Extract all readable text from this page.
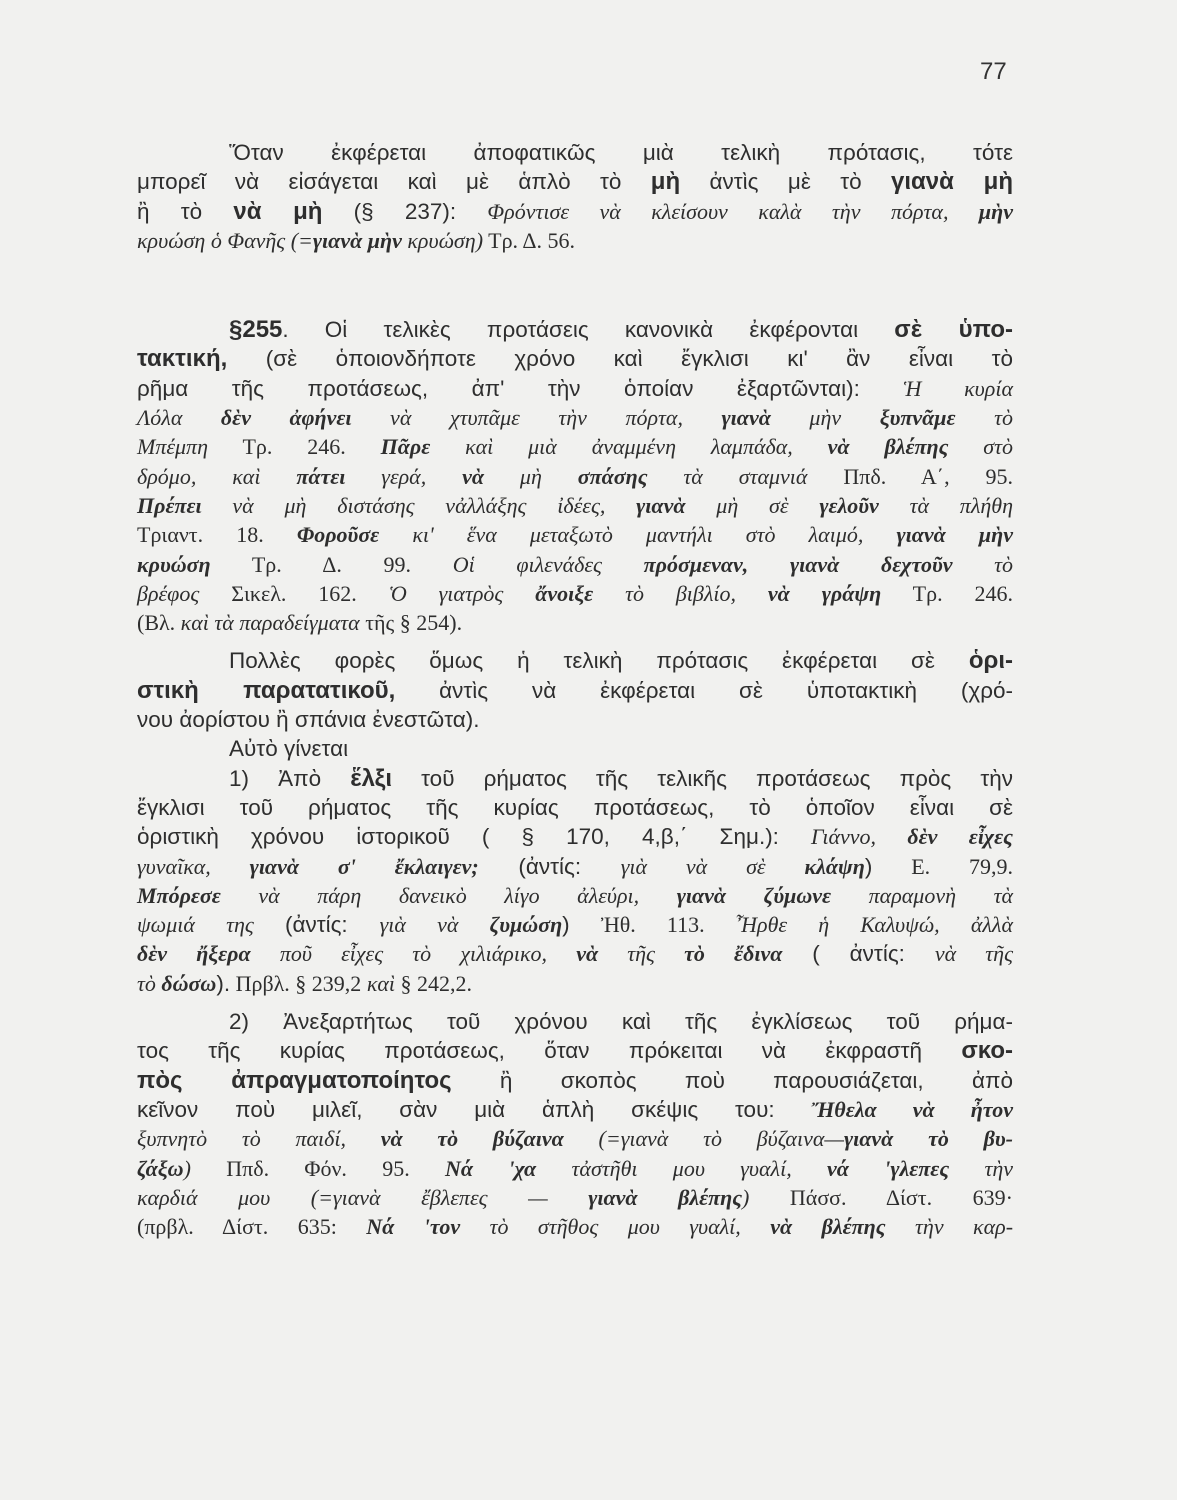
77
Ὅταν ἐκφέρεται ἀποφατικῶς μιὰ τελικὴ πρότασις, τότε
μπορεῖ νὰ εἰσάγεται καὶ μὲ ἁπλὸ τὸ μὴ ἀντὶς μὲ τὸ γιανὰ μὴ
ἢ τὸ νὰ μὴ (§ 237): Φρόντισε νὰ κλείσουν καλὰ τὴν πόρτα, μὴν
κρυώση ὁ Φανῆς (=γιανὰ μὴν κρυώση) Τρ. Δ. 56.
§255. Οἱ τελικὲς προτάσεις κανονικὰ ἐκφέρονται σὲ ὑπο-
τακτική, (σὲ ὁποιονδήποτε χρόνο καὶ ἔγκλισι κι' ἂν εἶναι τὸ
ρῆμα τῆς προτάσεως, ἀπ' τὴν ὁποίαν ἐξαρτῶνται): Ἡ κυρία
Λόλα δὲν ἀφήνει νὰ χτυπᾶμε τὴν πόρτα, γιανὰ μὴν ξυπνᾶμε τὸ
Μπέμπη Τρ. 246. Πᾶρε καὶ μιὰ ἀναμμένη λαμπάδα, νὰ βλέπης στὸ
δρόμο, καὶ πάτει γερά, νὰ μὴ σπάσης τὰ σταμνιά Ππδ. Α΄, 95.
Πρέπει νὰ μὴ διστάσης νἀλλάξης ἰδέες, γιανὰ μὴ σὲ γελοῦν τὰ πλήθη
Τριαντ. 18. Φοροῦσε κι' ἕνα μεταξωτὸ μαντήλι στὸ λαιμό, γιανὰ μὴν
κρυώση Τρ. Δ. 99. Οἱ φιλενάδες πρόσμεναν, γιανὰ δεχτοῦν τὸ
βρέφος Σικελ. 162. Ὁ γιατρὸς ἄνοιξε τὸ βιβλίο, νὰ γράψη Τρ. 246.
(Βλ. καὶ τὰ παραδείγματα τῆς § 254).
Πολλὲς φορὲς ὅμως ἡ τελικὴ πρότασις ἐκφέρεται σὲ ὁρι-
στικὴ παρατατικοῦ, ἀντὶς νὰ ἐκφέρεται σὲ ὑποτακτικὴ (χρό-
νου ἀορίστου ἢ σπάνια ἐνεστῶτα).
Αὐτὸ γίνεται
1) Ἀπὸ ἕλξι τοῦ ρήματος τῆς τελικῆς προτάσεως πρὸς τὴν
ἔγκλισι τοῦ ρήματος τῆς κυρίας προτάσεως, τὸ ὁποῖον εἶναι σὲ
ὁριστικὴ χρόνου ἱστορικοῦ ( § 170, 4,β,΄ Σημ.): Γιάννο, δὲν εἶχες
γυναῖκα, γιανὰ σ' ἔκλαιγεν; (ἀντίς: γιὰ νὰ σὲ κλάψη) Ε. 79,9.
Μπόρεσε νὰ πάρη δανεικὸ λίγο ἀλεύρι, γιανὰ ζύμωνε παραμονὴ τὰ
ψωμιά της (ἀντίς: γιὰ νὰ ζυμώση) Ἠθ. 113. Ἦρθε ἡ Καλυψώ, ἀλλὰ
δὲν ἤξερα ποῦ εἶχες τὸ χιλιάρικο, νὰ τῆς τὸ ἔδινα ( ἀντίς: νὰ τῆς
τὸ δώσω). Πρβλ. § 239,2 καὶ § 242,2.
2) Ἀνεξαρτήτως τοῦ χρόνου καὶ τῆς ἐγκλίσεως τοῦ ρήμα-
τος τῆς κυρίας προτάσεως, ὅταν πρόκειται νὰ ἐκφραστῆ σκο-
πὸς ἀπραγματοποίητος ἢ σκοπὸς ποὺ παρουσιάζεται, ἀπὸ
κεῖνον ποὺ μιλεῖ, σὰν μιὰ ἁπλὴ σκέψις του: Ἤθελα νὰ ἦτον
ξυπνητὸ τὸ παιδί, νὰ τὸ βύζαινα (=γιανὰ τὸ βύζαινα—γιανὰ τὸ βυ-
ζάξω) Ππδ. Φόν. 95. Νά 'χα τἀστῆθι μου γυαλί, νά 'γλεπες τὴν
καρδιά μου (=γιανὰ ἔβλεπες — γιανὰ βλέπης) Πάσσ. Δίστ. 639·
(πρβλ. Δίστ. 635: Νά 'τον τὸ στῆθος μου γυαλί, νὰ βλέπης τὴν καρ-
